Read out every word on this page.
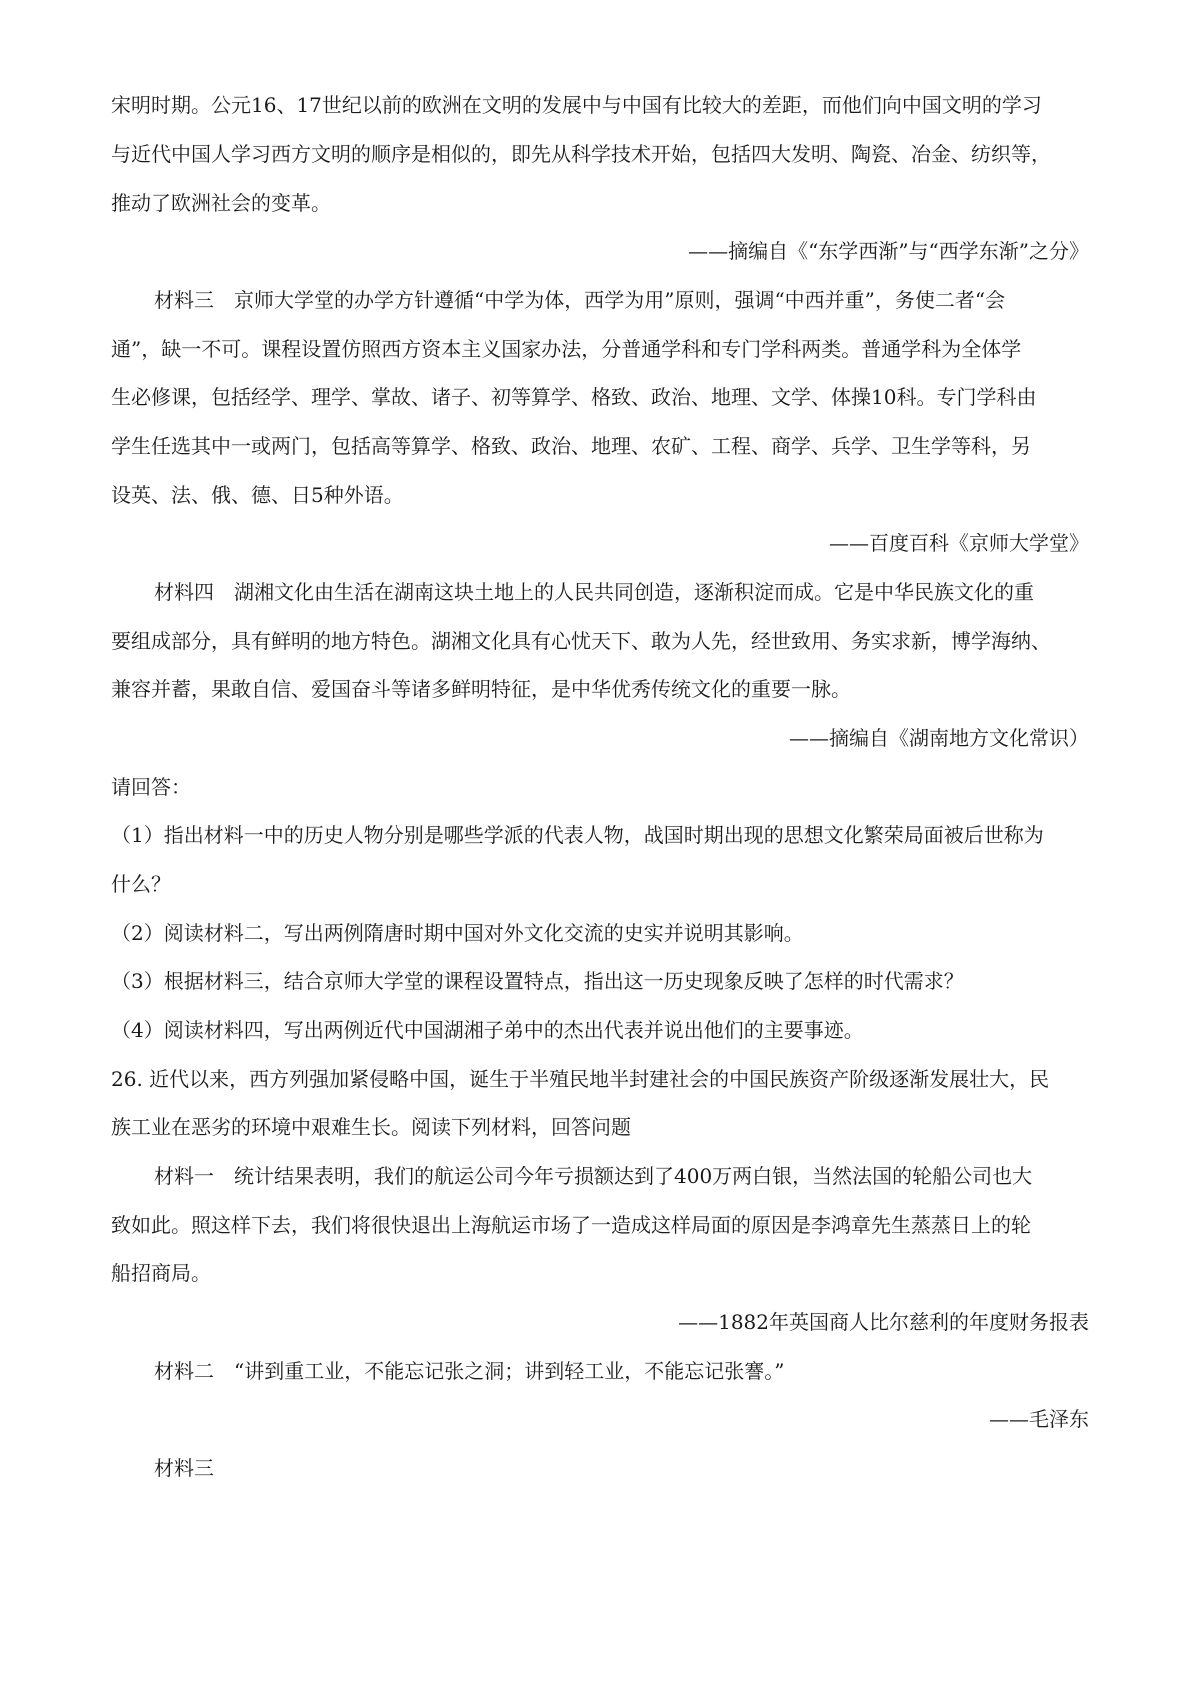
宋明时期。公元16、17世纪以前的欧洲在文明的发展中与中国有比较大的差距，而他们向中国文明的学习
与近代中国人学习西方文明的顺序是相似的，即先从科学技术开始，包括四大发明、陶瓷、冶金、纺织等，
推动了欧洲社会的变革。
——摘编自《“东学西渐”与“西学东渐”之分》
材料三　京师大学堂的办学方针遵循“中学为体，西学为用”原则，强调“中西并重”，务使二者“会
通”，缺一不可。课程设置仿照西方资本主义国家办法，分普通学科和专门学科两类。普通学科为全体学
生必修课，包括经学、理学、掌故、诸子、初等算学、格致、政治、地理、文学、体操10科。专门学科由
学生任选其中一或两门，包括高等算学、格致、政治、地理、农矿、工程、商学、兵学、卫生学等科，另
设英、法、俄、德、日5种外语。
——百度百科《京师大学堂》
材料四　湖湘文化由生活在湖南这块土地上的人民共同创造，逐渐积淀而成。它是中华民族文化的重
要组成部分，具有鲜明的地方特色。湖湘文化具有心忧天下、敢为人先，经世致用、务实求新，博学海纳、
兼容并蓄，果敢自信、爱国奋斗等诸多鲜明特征，是中华优秀传统文化的重要一脉。
——摘编自《湖南地方文化常识）
请回答：
（1）指出材料一中的历史人物分别是哪些学派的代表人物，战国时期出现的思想文化繁荣局面被后世称为
什么？
（2）阅读材料二，写出两例隋唐时期中国对外文化交流的史实并说明其影响。
（3）根据材料三，结合京师大学堂的课程设置特点，指出这一历史现象反映了怎样的时代需求？
（4）阅读材料四，写出两例近代中国湖湘子弟中的杰出代表并说出他们的主要事迹。
26. 近代以来，西方列强加紧侵略中国，诞生于半殖民地半封建社会的中国民族资产阶级逐渐发展壮大，民
族工业在恶劣的环境中艰难生长。阅读下列材料，回答问题
材料一　统计结果表明，我们的航运公司今年亏损额达到了400万两白银，当然法国的轮船公司也大
致如此。照这样下去，我们将很快退出上海航运市场了一造成这样局面的原因是李鸿章先生蒸蒸日上的轮
船招商局。
——1882年英国商人比尔慈利的年度财务报表
材料二　“讲到重工业，不能忘记张之洞；讲到轻工业，不能忘记张謇。”
——毛泽东
材料三
